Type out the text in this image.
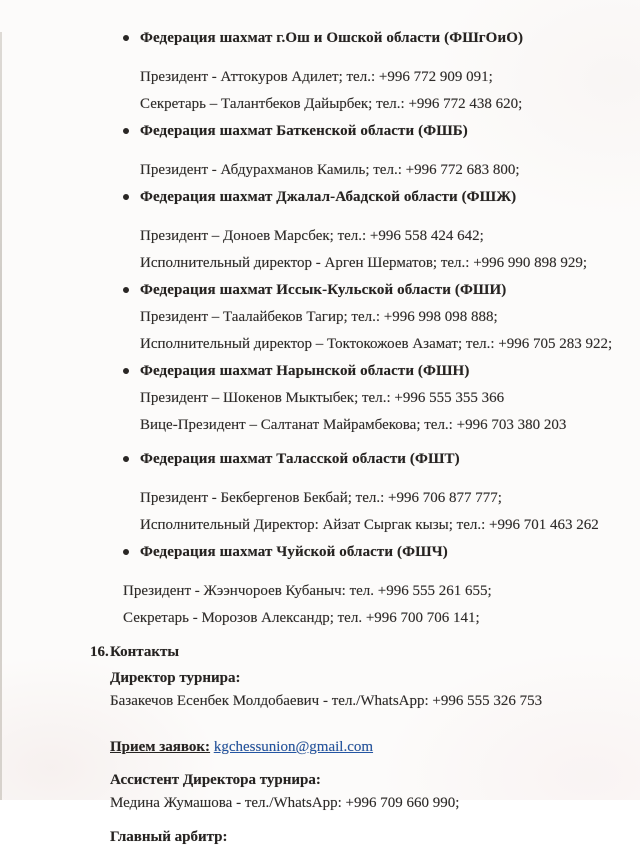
Федерация шахмат г.Ош и Ошской области (ФШгОиО)

Президент - Аттокуров Адилет; тел.: +996 772 909 091;

Секретарь – Талантбеков Дайырбек; тел.: +996 772 438 620;

Федерация шахмат Баткенской области (ФШБ)

Президент - Абдурахманов Камиль; тел.: +996 772 683 800;

Федерация шахмат Джалал-Абадской области (ФШЖ)

Президент – Доноев Марсбек; тел.: +996 558 424 642;

Исполнительный директор - Арген Шерматов; тел.: +996 990 898 929;

Федерация шахмат Иссык-Кульской области (ФШИ)

Президент – Таалайбеков Тагир; тел.: +996 998 098 888;

Исполнительный директор – Токтокожоев Азамат; тел.: +996 705 283 922;

Федерация шахмат Нарынской области (ФШН)

Президент – Шокенов Мыктыбек; тел.: +996 555 355 366

Вице-Президент – Салтанат Майрамбекова; тел.: +996 703 380 203

Федерация шахмат Таласской области (ФШТ)

Президент - Бекбергенов Бекбай; тел.: +996 706 877 777;

Исполнительный Директор: Айзат Сыргак кызы; тел.: +996 701 463 262

Федерация шахмат Чуйской области (ФШЧ)

Президент - Жээнчороев Кубаныч: тел. +996 555 261 655;

Секретарь - Морозов Александр; тел. +996 700 706 141;

16.Контакты

Директор турнира:

Базакечов Есенбек Молдобаевич - тел./WhatsApp: +996 555 326 753

Прием заявок: kgchessunion@gmail.com

Ассистент Директора турнира:

Медина Жумашова - тел./WhatsApp: +996 709 660 990;

Главный арбитр:
